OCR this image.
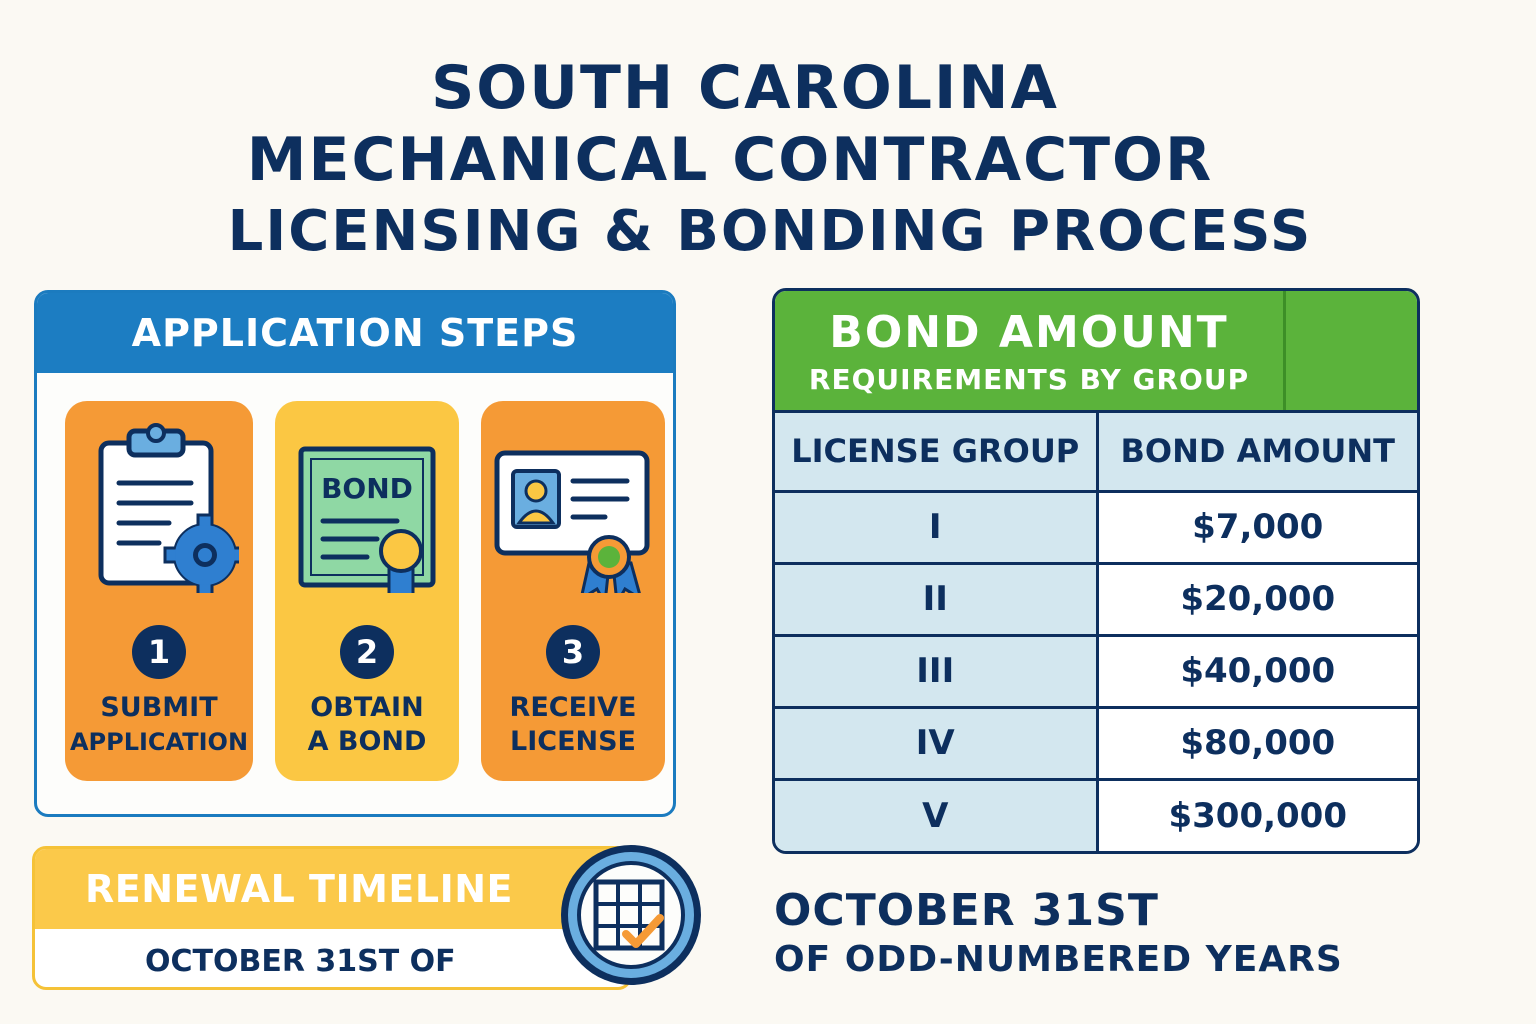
SOUTH CAROLINA
MECHANICAL CONTRACTOR
LICENSING & BONDING PROCESS
APPLICATION STEPS
1
SUBMIT
APPLICATION
BOND
2
OBTAIN
A BOND
3
RECEIVE
LICENSE
BOND AMOUNT
REQUIREMENTS BY GROUP
LICENSE GROUP	BOND AMOUNT
I	$7,000
II	$20,000
III	$40,000
IV	$80,000
V	$300,000
RENEWAL TIMELINE
OCTOBER 31ST OF
OCTOBER 31ST
OF ODD-NUMBERED YEARS
